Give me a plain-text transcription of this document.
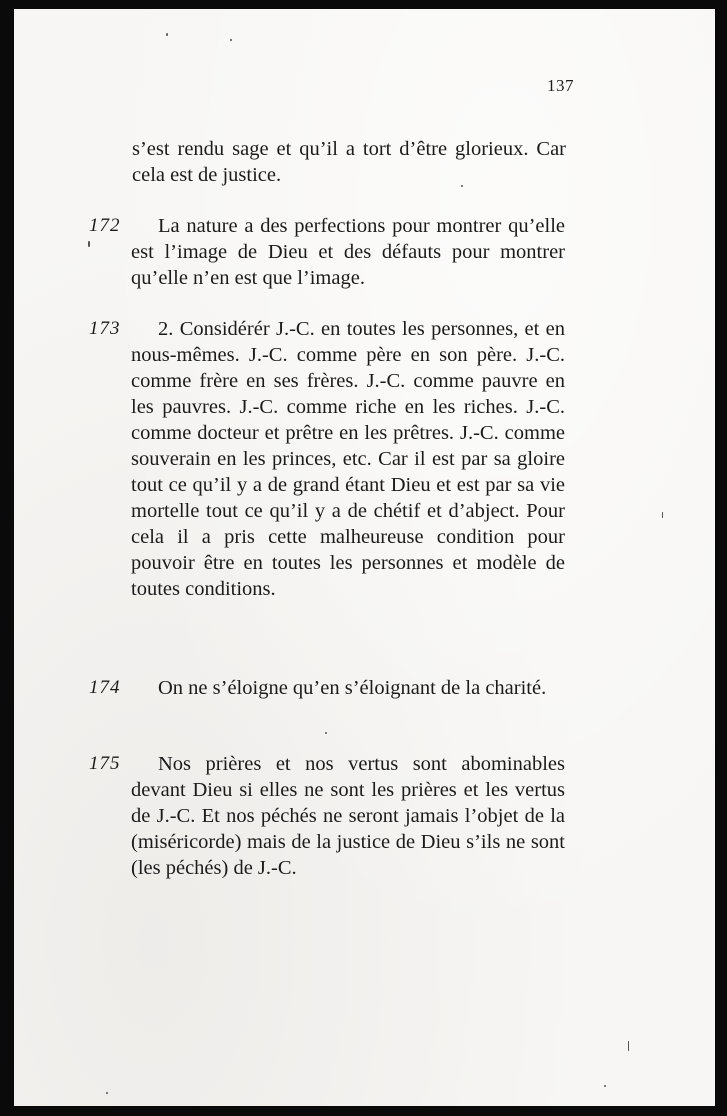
137

s’est rendu sage et qu’il a tort d’être glorieux. Car cela est de justice.

172	La nature a des perfections pour montrer qu’elle est l’image de Dieu et des défauts pour montrer qu’elle n’en est que l’image.

173	2. Considérér J.-C. en toutes les personnes, et en nous-mêmes. J.-C. comme père en son père. J.-C. comme frère en ses frères. J.-C. comme pauvre en les pauvres. J.-C. comme riche en les riches. J.-C. comme docteur et prêtre en les prêtres. J.-C. comme souverain en les princes, etc. Car il est par sa gloire tout ce qu’il y a de grand étant Dieu et est par sa vie mortelle tout ce qu’il y a de chétif et d’abject. Pour cela il a pris cette malheureuse condition pour pouvoir être en toutes les personnes et modèle de toutes conditions.

174	On ne s’éloigne qu’en s’éloignant de la charité.

175	Nos prières et nos vertus sont abominables devant Dieu si elles ne sont les prières et les vertus de J.-C. Et nos péchés ne seront jamais l’objet de la (miséricorde) mais de la justice de Dieu s’ils ne sont (les péchés) de J.-C.
